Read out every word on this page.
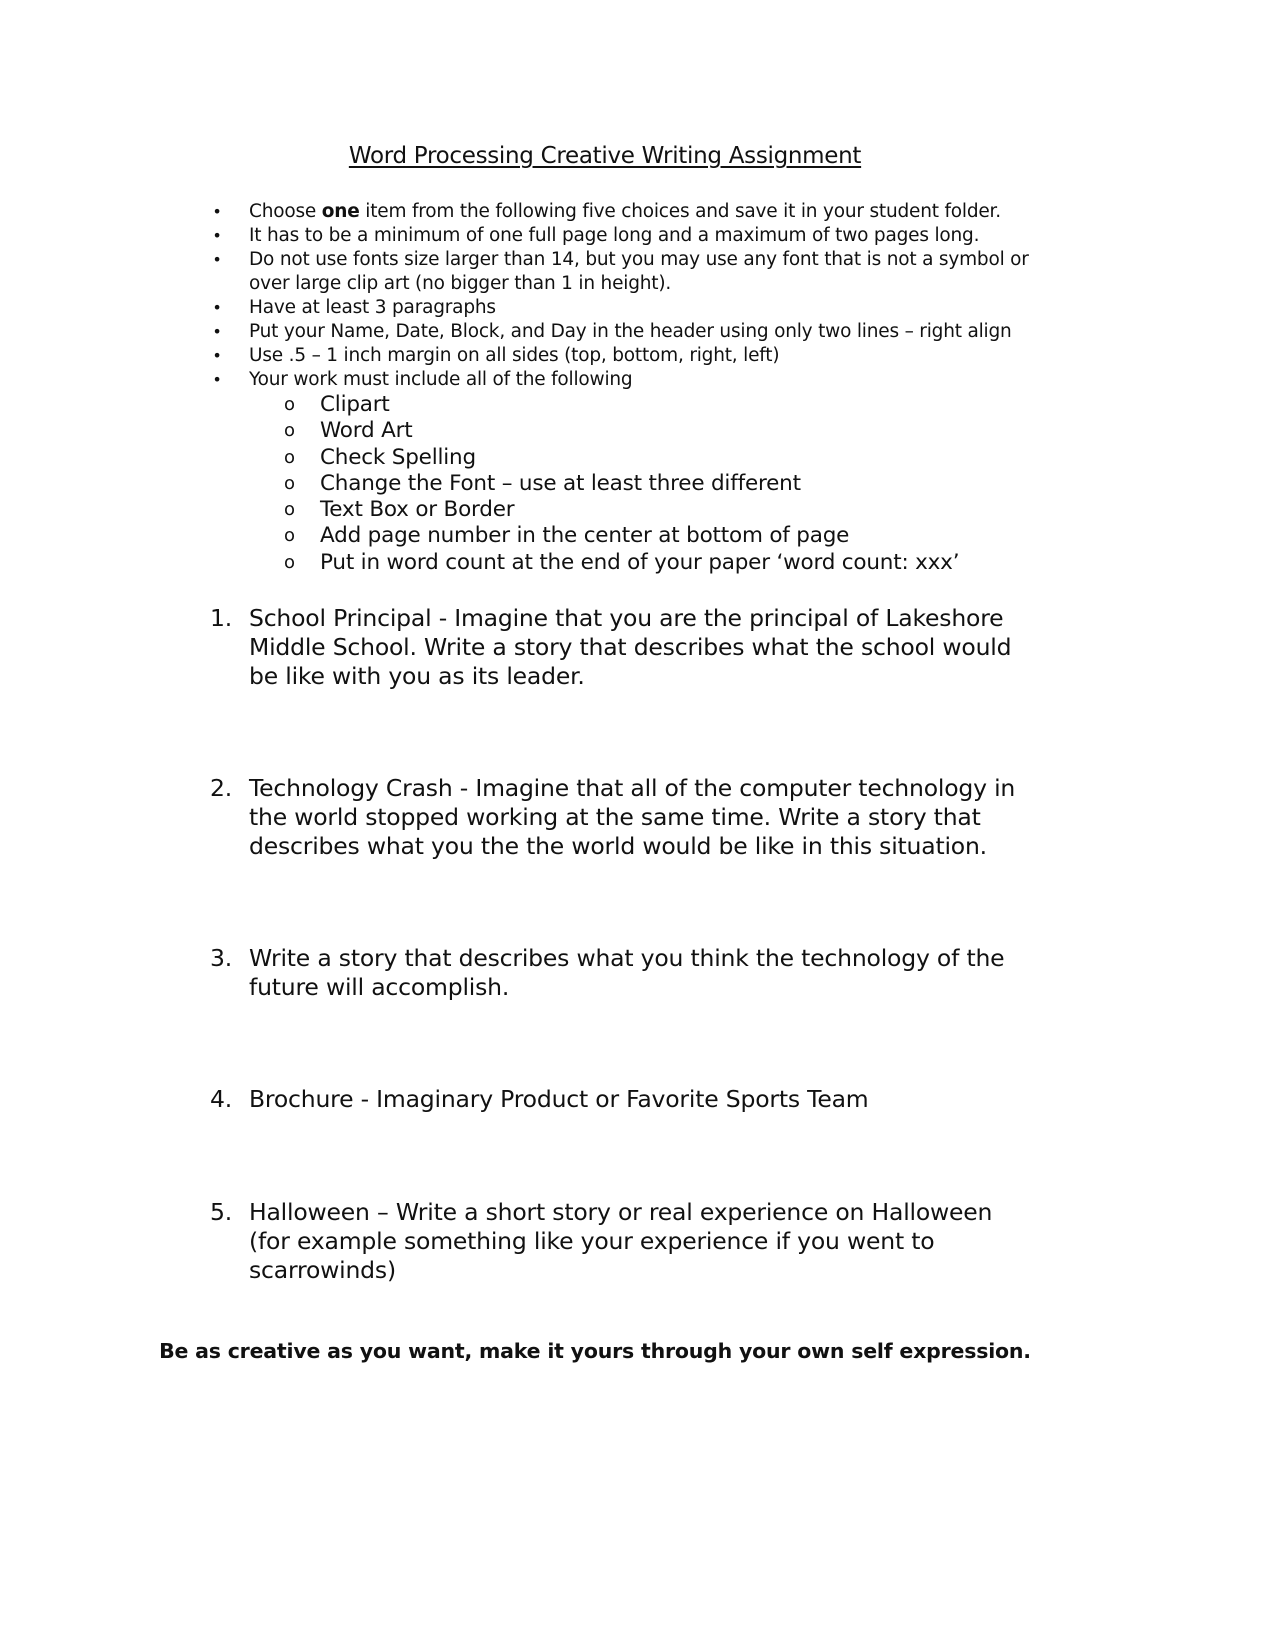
Word Processing Creative Writing Assignment
• Choose one item from the following five choices and save it in your student folder.
• It has to be a minimum of one full page long and a maximum of two pages long.
• Do not use fonts size larger than 14, but you may use any font that is not a symbol or over large clip art (no bigger than 1 in height).
• Have at least 3 paragraphs
• Put your Name, Date, Block, and Day in the header using only two lines – right align
• Use .5 – 1 inch margin on all sides (top, bottom, right, left)
• Your work must include all of the following
o Clipart
o Word Art
o Check Spelling
o Change the Font – use at least three different
o Text Box or Border
o Add page number in the center at bottom of page
o Put in word count at the end of your paper ‘word count: xxx’
1. School Principal - Imagine that you are the principal of Lakeshore Middle School. Write a story that describes what the school would be like with you as its leader.
2. Technology Crash - Imagine that all of the computer technology in the world stopped working at the same time. Write a story that describes what you the the world would be like in this situation.
3. Write a story that describes what you think the technology of the future will accomplish.
4. Brochure - Imaginary Product or Favorite Sports Team
5. Halloween – Write a short story or real experience on Halloween (for example something like your experience if you went to scarrowinds)
Be as creative as you want, make it yours through your own self expression.
